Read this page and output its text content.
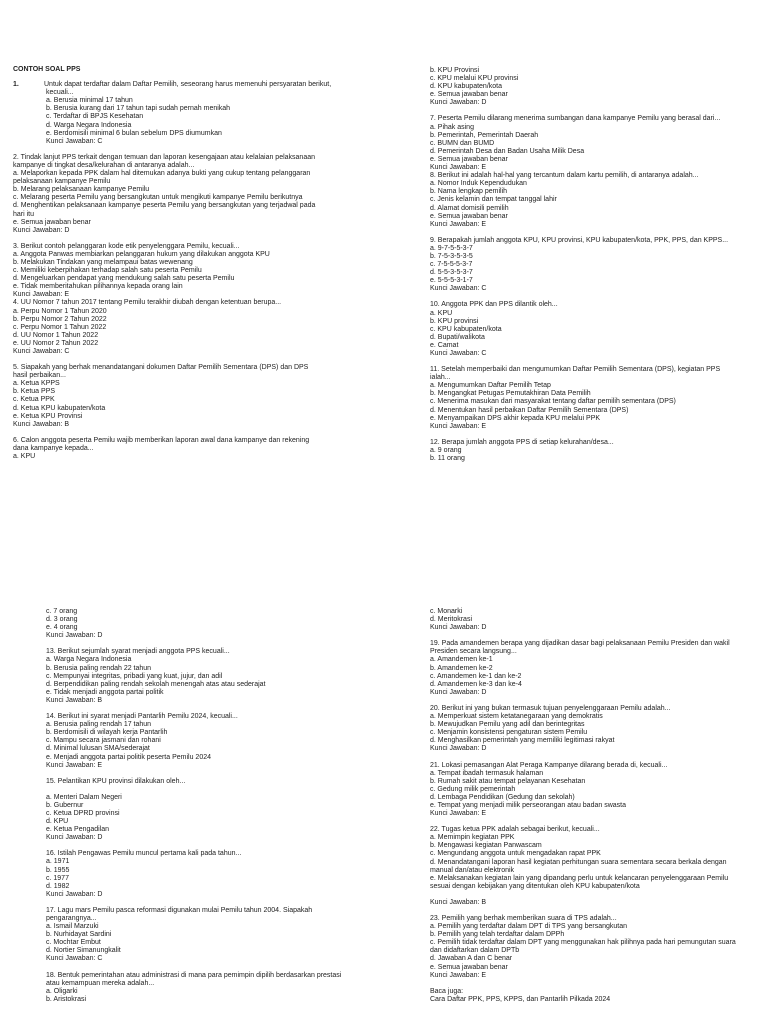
CONTOH SOAL PPS
1.	Untuk dapat terdaftar dalam Daftar Pemilih, seseorang harus memenuhi persyaratan berikut,
kecuali...
a. Berusia minimal 17 tahun
b. Berusia kurang dari 17 tahun tapi sudah pernah menikah
c. Terdaftar di BPJS Kesehatan
d. Warga Negara Indonesia
e. Berdomisili minimal 6 bulan sebelum DPS diumumkan
Kunci Jawaban: C
2. Tindak lanjut PPS terkait dengan temuan dan laporan kesengajaan atau kelalaian pelaksanaan
kampanye di tingkat desa/kelurahan di antaranya adalah...
a. Melaporkan kepada PPK dalam hal ditemukan adanya bukti yang cukup tentang pelanggaran
pelaksanaan kampanye Pemilu
b. Melarang pelaksanaan kampanye Pemilu
c. Melarang peserta Pemilu yang bersangkutan untuk mengikuti kampanye Pemilu berikutnya
d. Menghentikan pelaksanaan kampanye peserta Pemilu yang bersangkutan yang terjadwal pada
hari itu
e. Semua jawaban benar
Kunci Jawaban: D
3. Berikut contoh pelanggaran kode etik penyelenggara Pemilu, kecuali...
a. Anggota Panwas membiarkan pelanggaran hukum yang dilakukan anggota KPU
b. Melakukan Tindakan yang melampaui batas wewenang
c. Memiliki keberpihakan terhadap salah satu peserta Pemilu
d. Mengeluarkan pendapat yang mendukung salah satu peserta Pemilu
e. Tidak memberitahukan pilihannya kepada orang lain
Kunci Jawaban: E
4. UU Nomor 7 tahun 2017 tentang Pemilu terakhir diubah dengan ketentuan berupa...
a. Perpu Nomor 1 Tahun 2020
b. Perpu Nomor 2 Tahun 2022
c. Perpu Nomor 1 Tahun 2022
d. UU Nomor 1 Tahun 2022
e. UU Nomor 2 Tahun 2022
Kunci Jawaban: C
5. Siapakah yang berhak menandatangani dokumen Daftar Pemilih Sementara (DPS) dan DPS
hasil perbaikan...
a. Ketua KPPS
b. Ketua PPS
c. Ketua PPK
d. Ketua KPU kabupaten/kota
e. Ketua KPU Provinsi
Kunci Jawaban: B
6. Calon anggota peserta Pemilu wajib memberikan laporan awal dana kampanye dan rekening
dana kampanye kepada...
a. KPU
b. KPU Provinsi
c. KPU melalui KPU provinsi
d. KPU kabupaten/kota
e. Semua jawaban benar
Kunci Jawaban: D
7. Peserta Pemilu dilarang menerima sumbangan dana kampanye Pemilu yang berasal dari...
a. Pihak asing
b. Pemerintah, Pemerintah Daerah
c. BUMN dan BUMD
d. Pemerintah Desa dan Badan Usaha Milik Desa
e. Semua jawaban benar
Kunci Jawaban: E
8. Berikut ini adalah hal-hal yang tercantum dalam kartu pemilih, di antaranya adalah...
a. Nomor Induk Kependudukan
b. Nama lengkap pemilih
c. Jenis kelamin dan tempat tanggal lahir
d. Alamat domisili pemilih
e. Semua jawaban benar
Kunci Jawaban: E
9. Berapakah jumlah anggota KPU, KPU provinsi, KPU kabupaten/kota, PPK, PPS, dan KPPS...
a. 9-7-5-5-3-7
b. 7-5-3-5-3-5
c. 7-5-5-5-3-7
d. 5-5-3-5-3-7
e. 5-5-5-3-1-7
Kunci Jawaban: C
10. Anggota PPK dan PPS dilantik oleh...
a. KPU
b. KPU provinsi
c. KPU kabupaten/kota
d. Bupati/walikota
e. Camat
Kunci Jawaban: C
11. Setelah memperbaiki dan mengumumkan Daftar Pemilih Sementara (DPS), kegiatan PPS
ialah...
a. Mengumumkan Daftar Pemilih Tetap
b. Mengangkat Petugas Pemutakhiran Data Pemilih
c. Menerima masukan dari masyarakat tentang daftar pemilih sementara (DPS)
d. Menentukan hasil perbaikan Daftar Pemilih Sementara (DPS)
e. Menyampaikan DPS akhir kepada KPU melalui PPK
Kunci Jawaban: E
12. Berapa jumlah anggota PPS di setiap kelurahan/desa...
a. 9 orang
b. 11 orang
c. 7 orang
d. 3 orang
e. 4 orang
Kunci Jawaban: D
13. Berikut sejumlah syarat menjadi anggota PPS kecuali...
a. Warga Negara Indonesia
b. Berusia paling rendah 22 tahun
c. Mempunyai integritas, pribadi yang kuat, jujur, dan adil
d. Berpendidikan paling rendah sekolah menengah atas atau sederajat
e. Tidak menjadi anggota partai politik
Kunci Jawaban: B
14. Berikut ini syarat menjadi Pantarlih Pemilu 2024, kecuali...
a. Berusia paling rendah 17 tahun
b. Berdomisili di wilayah kerja Pantarlih
c. Mampu secara jasmani dan rohani
d. Minimal lulusan SMA/sederajat
e. Menjadi anggota partai politik peserta Pemilu 2024
Kunci Jawaban: E
15. Pelantikan KPU provinsi dilakukan oleh...
a. Menteri Dalam Negeri
b. Gubernur
c. Ketua DPRD provinsi
d. KPU
e. Ketua Pengadilan
Kunci Jawaban: D
16. Istilah Pengawas Pemilu muncul pertama kali pada tahun...
a. 1971
b. 1955
c. 1977
d. 1982
Kunci Jawaban: D
17. Lagu mars Pemilu pasca reformasi digunakan mulai Pemilu tahun 2004. Siapakah
pengarangnya...
a. Ismail Marzuki
b. Nurhidayat Sardini
c. Mochtar Embut
d. Nortier Simanungkalit
Kunci Jawaban: C
18. Bentuk pemerintahan atau administrasi di mana para pemimpin dipilih berdasarkan prestasi
atau kemampuan mereka adalah...
a. Oligarki
b. Aristokrasi
c. Monarki
d. Meritokrasi
Kunci Jawaban: D
19. Pada amandemen berapa yang dijadikan dasar bagi pelaksanaan Pemilu Presiden dan wakil
Presiden secara langsung...
a. Amandemen ke-1
b. Amandemen ke-2
c. Amandemen ke-1 dan ke-2
d. Amandemen ke-3 dan ke-4
Kunci Jawaban: D
20. Berikut ini yang bukan termasuk tujuan penyelenggaraan Pemilu adalah...
a. Memperkuat sistem ketatanegaraan yang demokratis
b. Mewujudkan Pemilu yang adil dan berintegritas
c. Menjamin konsistensi pengaturan sistem Pemilu
d. Menghasilkan pemerintah yang memiliki legitimasi rakyat
Kunci Jawaban: D
21. Lokasi pemasangan Alat Peraga Kampanye dilarang berada di, kecuali...
a. Tempat ibadah termasuk halaman
b. Rumah sakit atau tempat pelayanan Kesehatan
c. Gedung milik pemerintah
d. Lembaga Pendidikan (Gedung dan sekolah)
e. Tempat yang menjadi milik perseorangan atau badan swasta
Kunci Jawaban: E
22. Tugas ketua PPK adalah sebagai berikut, kecuali...
a. Memimpin kegiatan PPK
b. Mengawasi kegiatan Panwascam
c. Mengundang anggota untuk mengadakan rapat PPK
d. Menandatangani laporan hasil kegiatan perhitungan suara sementara secara berkala dengan
manual dan/atau elektronik
e. Melaksanakan kegiatan lain yang dipandang perlu untuk kelancaran penyelenggaraan Pemilu
sesuai dengan kebijakan yang ditentukan oleh KPU kabupaten/kota
Kunci Jawaban: B
23. Pemilih yang berhak memberikan suara di TPS adalah...
a. Pemilih yang terdaftar dalam DPT di TPS yang bersangkutan
b. Pemilih yang telah terdaftar dalam DPPh
c. Pemilih tidak terdaftar dalam DPT yang menggunakan hak pilihnya pada hari pemungutan suara
dan didaftarkan dalam DPTb
d. Jawaban A dan C benar
e. Semua jawaban benar
Kunci Jawaban: E
Baca juga:
Cara Daftar PPK, PPS, KPPS, dan Pantarlih Pilkada 2024
